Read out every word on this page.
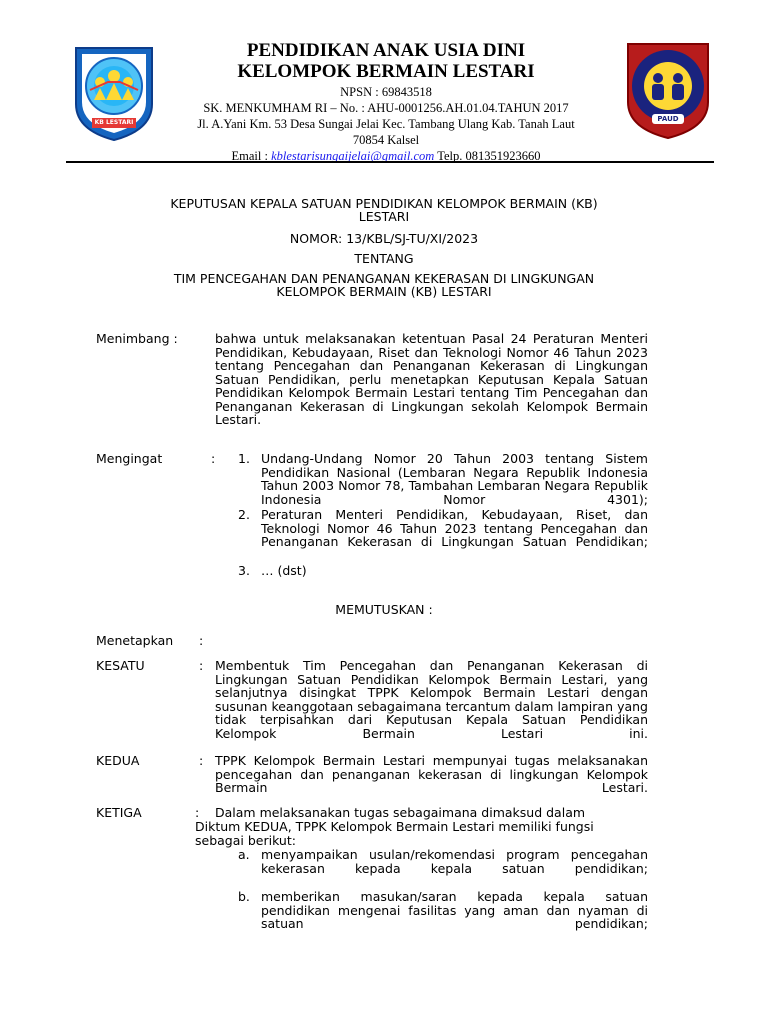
KB LESTARI
PENDIDIKAN ANAK USIA DINI
KELOMPOK BERMAIN LESTARI
NPSN : 69843518
SK. MENKUMHAM RI – No. : AHU-0001256.AH.01.04.TAHUN 2017
Jl. A.Yani Km. 53 Desa Sungai Jelai Kec. Tambang Ulang Kab. Tanah Laut
70854 Kalsel
Email : kblestarisungaijelai@gmail.com Telp. 081351923660
PAUD
KEPUTUSAN KEPALA SATUAN PENDIDIKAN KELOMPOK BERMAIN (KB)
LESTARI
NOMOR: 13/KBL/SJ-TU/XI/2023
TENTANG
TIM PENCEGAHAN DAN PENANGANAN KEKERASAN DI LINGKUNGAN
KELOMPOK BERMAIN (KB) LESTARI
Menimbang :	bahwa untuk melaksanakan ketentuan Pasal 24 Peraturan Menteri Pendidikan, Kebudayaan, Riset dan Teknologi Nomor 46 Tahun 2023 tentang Pencegahan dan Penanganan Kekerasan di Lingkungan Satuan Pendidikan, perlu menetapkan Keputusan Kepala Satuan Pendidikan Kelompok Bermain Lestari tentang Tim Pencegahan dan Penanganan Kekerasan di Lingkungan sekolah Kelompok Bermain Lestari.
Mengingat	: 1. Undang-Undang Nomor 20 Tahun 2003 tentang Sistem Pendidikan Nasional (Lembaran Negara Republik Indonesia Tahun 2003 Nomor 78, Tambahan Lembaran Negara Republik Indonesia Nomor 4301);
2. Peraturan Menteri Pendidikan, Kebudayaan, Riset, dan Teknologi Nomor 46 Tahun 2023 tentang Pencegahan dan Penanganan Kekerasan di Lingkungan Satuan Pendidikan;
3. … (dst)
MEMUTUSKAN :
Menetapkan :
KESATU	: Membentuk Tim Pencegahan dan Penanganan Kekerasan di Lingkungan Satuan Pendidikan Kelompok Bermain Lestari, yang selanjutnya disingkat TPPK Kelompok Bermain Lestari dengan susunan keanggotaan sebagaimana tercantum dalam lampiran yang tidak terpisahkan dari Keputusan Kepala Satuan Pendidikan Kelompok Bermain Lestari ini.
KEDUA	: TPPK Kelompok Bermain Lestari mempunyai tugas melaksanakan pencegahan dan penanganan kekerasan di lingkungan Kelompok Bermain Lestari.
KETIGA	: Dalam melaksanakan tugas sebagaimana dimaksud dalam
Diktum KEDUA, TPPK Kelompok Bermain Lestari memiliki fungsi
sebagai berikut:
a. menyampaikan usulan/rekomendasi program pencegahan kekerasan kepada kepala satuan pendidikan;
b. memberikan masukan/saran kepada kepala satuan pendidikan mengenai fasilitas yang aman dan nyaman di satuan pendidikan;
